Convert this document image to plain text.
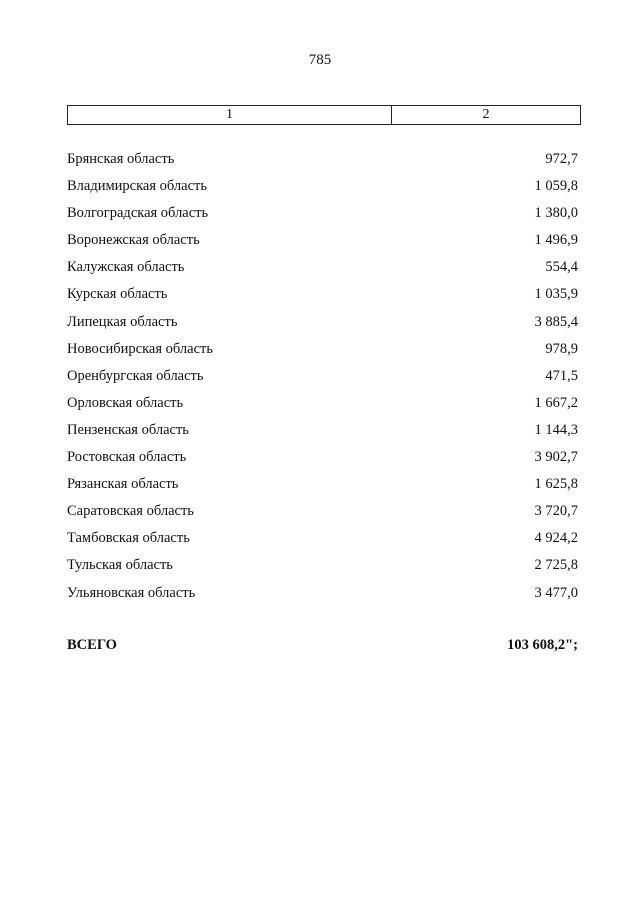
785
1	2
Брянская область	972,7
Владимирская область	1 059,8
Волгоградская область	1 380,0
Воронежская область	1 496,9
Калужская область	554,4
Курская область	1 035,9
Липецкая область	3 885,4
Новосибирская область	978,9
Оренбургская область	471,5
Орловская область	1 667,2
Пензенская область	1 144,3
Ростовская область	3 902,7
Рязанская область	1 625,8
Саратовская область	3 720,7
Тамбовская область	4 924,2
Тульская область	2 725,8
Ульяновская область	3 477,0
ВСЕГО	103 608,2";
